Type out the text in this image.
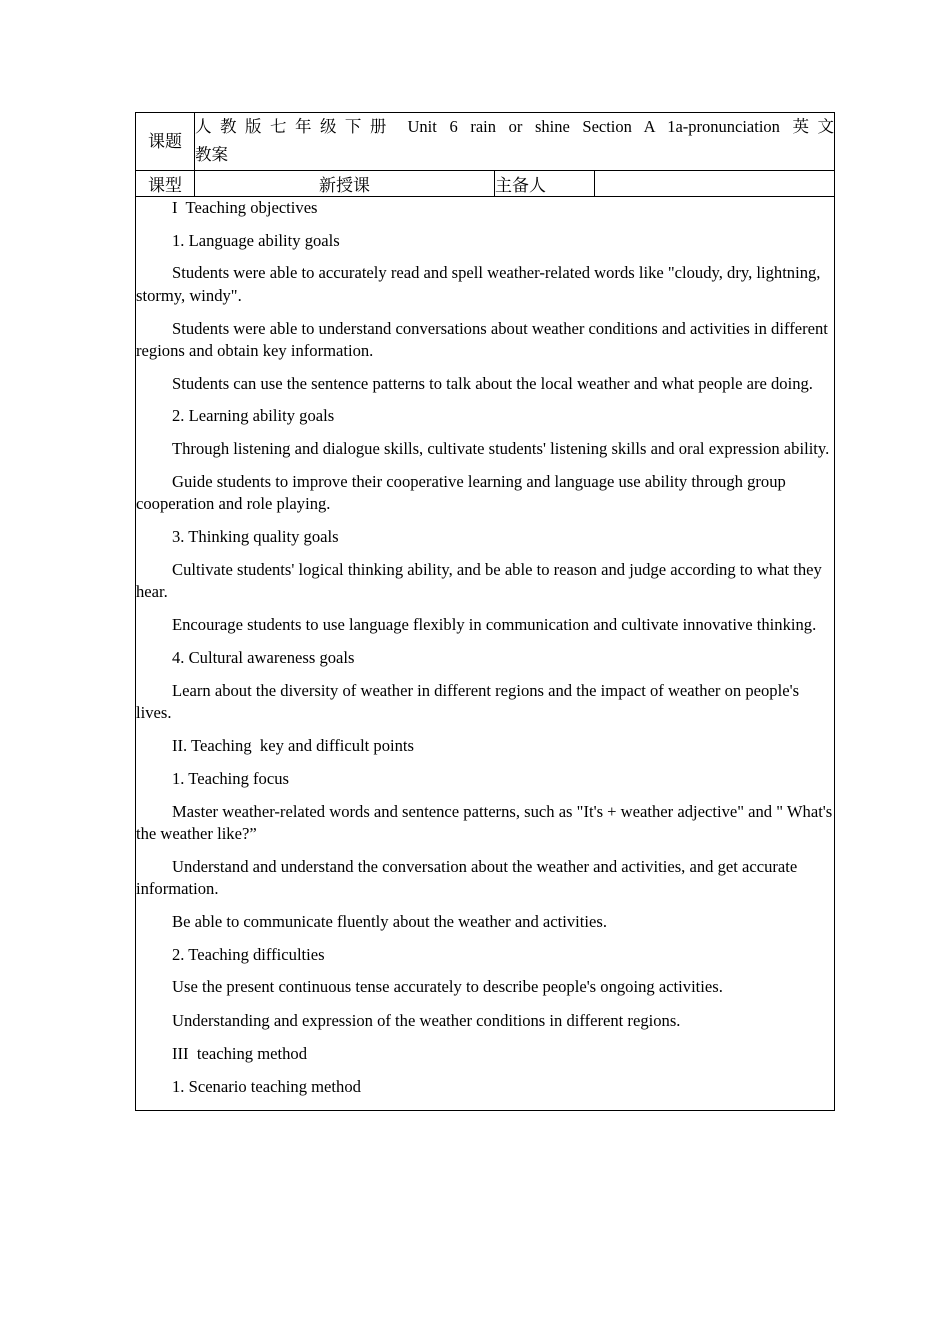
课题	人教版七年级下册 Unit 6 rain or shine Section A 1a-pronunciation 英文
教案		

课型	新授课	主备人	

I  Teaching objectives

1. Language ability goals

Students were able to accurately read and spell weather-related words like "cloudy, dry, lightning, stormy, windy".

Students were able to understand conversations about weather conditions and activities in different regions and obtain key information.

Students can use the sentence patterns to talk about the local weather and what people are doing.

2. Learning ability goals

Through listening and dialogue skills, cultivate students' listening skills and oral expression ability.

Guide students to improve their cooperative learning and language use ability through group cooperation and role playing.

3. Thinking quality goals

Cultivate students' logical thinking ability, and be able to reason and judge according to what they hear.

Encourage students to use language flexibly in communication and cultivate innovative thinking.

4. Cultural awareness goals

Learn about the diversity of weather in different regions and the impact of weather on people's lives.

II. Teaching  key and difficult points

1. Teaching focus

Master weather-related words and sentence patterns, such as "It's + weather adjective" and " What's the weather like?”

Understand and understand the conversation about the weather and activities, and get accurate information.

Be able to communicate fluently about the weather and activities.

2. Teaching difficulties

Use the present continuous tense accurately to describe people's ongoing activities.

Understanding and expression of the weather conditions in different regions.

III  teaching method

1. Scenario teaching method
